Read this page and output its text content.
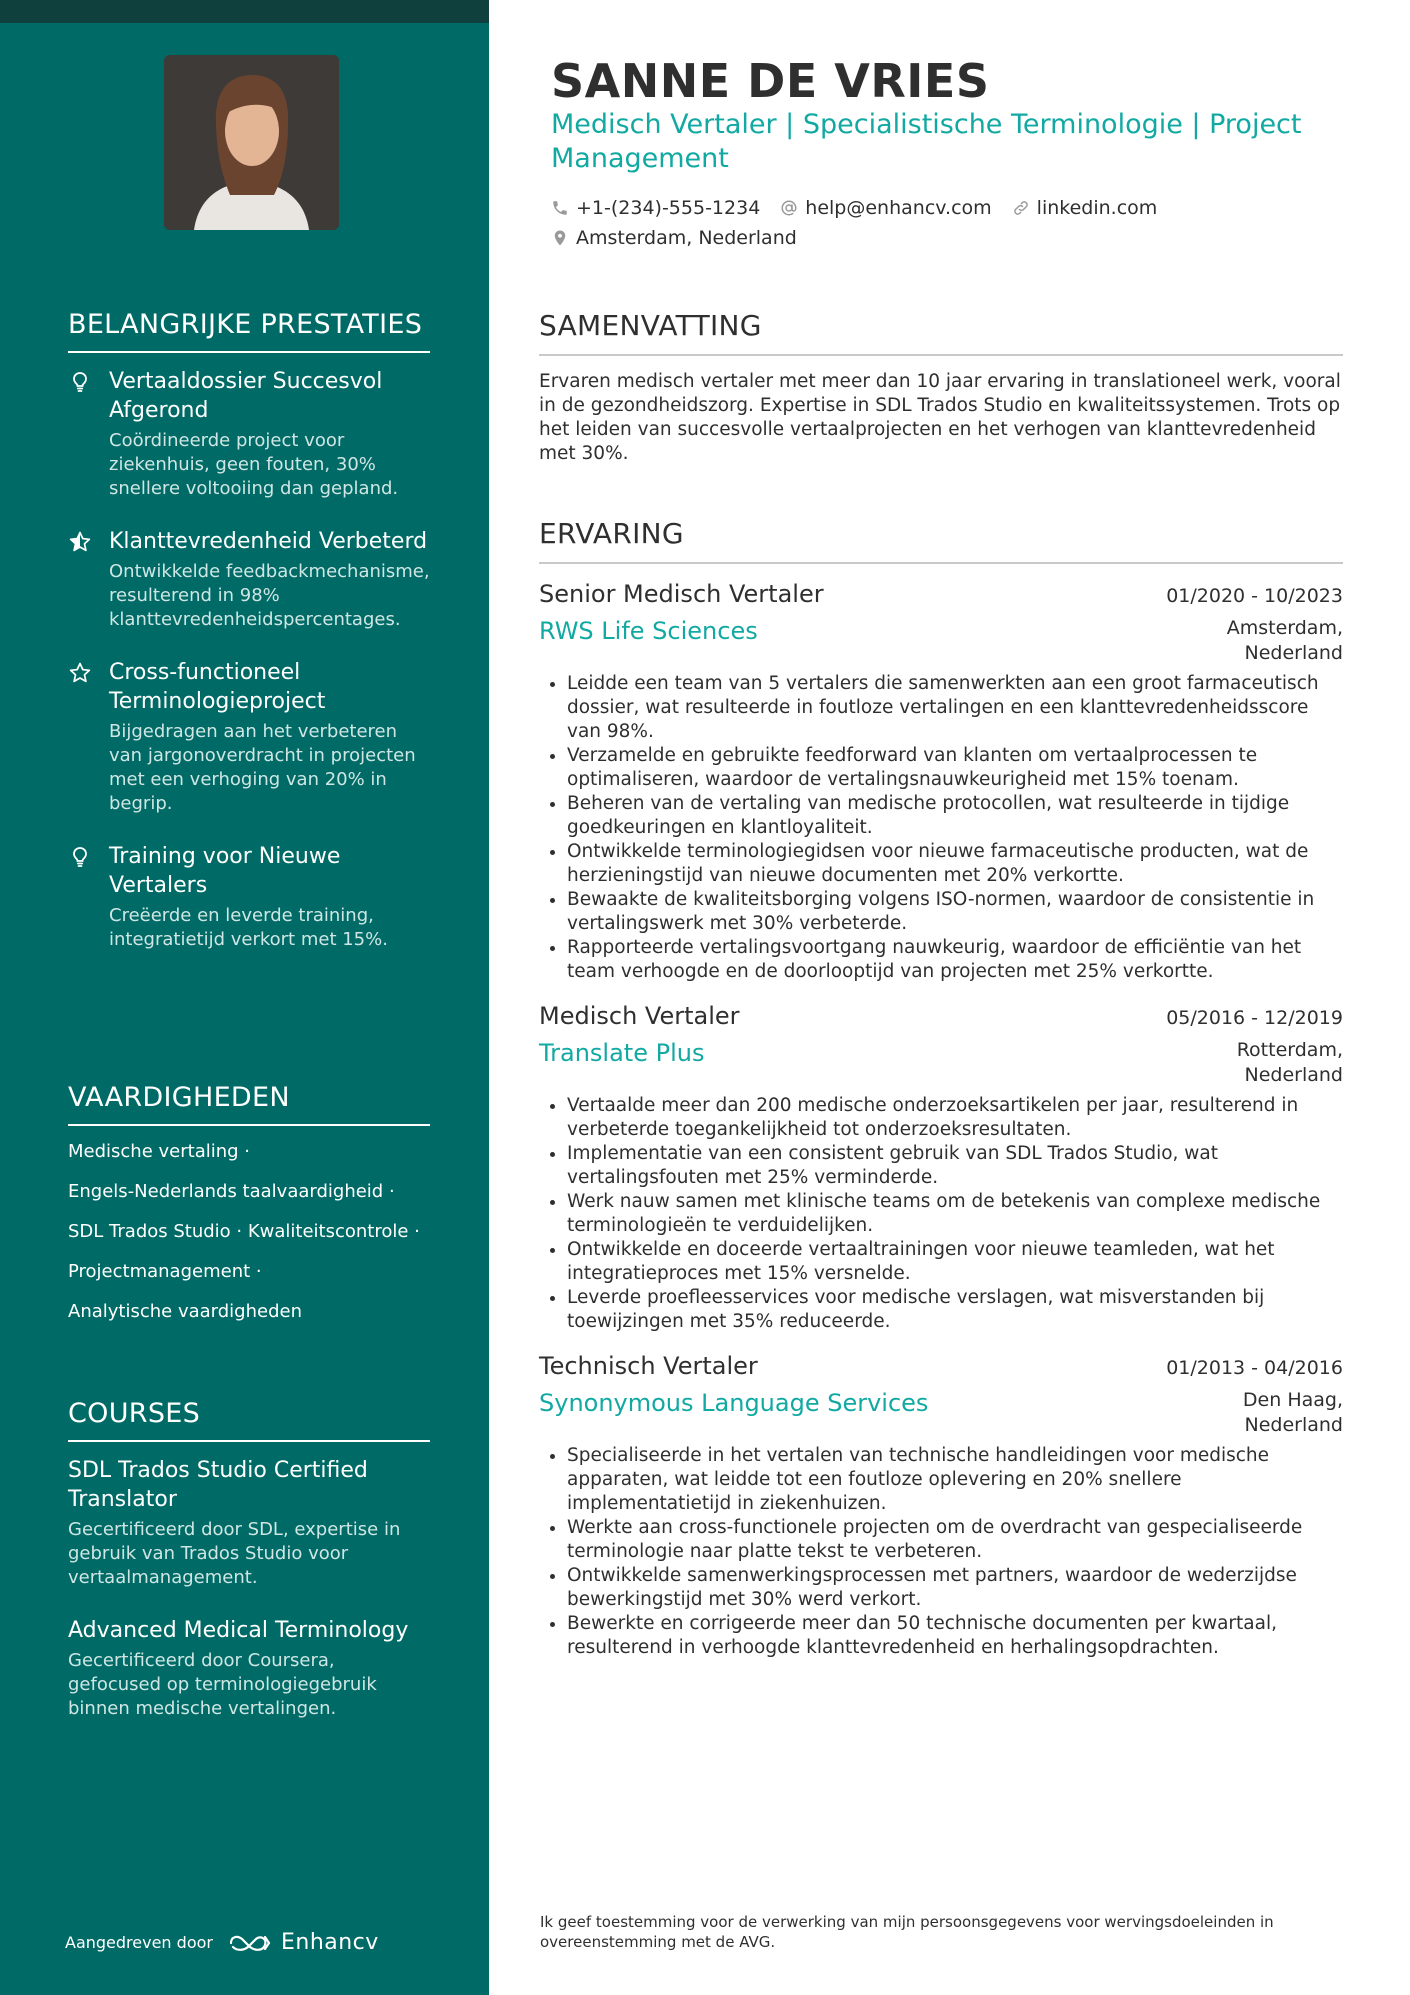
BELANGRIJKE PRESTATIES
Vertaaldossier Succesvol Afgerond
Coördineerde project voor ziekenhuis, geen fouten, 30% snellere voltooiing dan gepland.
Klanttevredenheid Verbeterd
Ontwikkelde feedbackmechanisme, resulterend in 98% klanttevredenheidspercentages.
Cross-functioneel Terminologieproject
Bijgedragen aan het verbeteren van jargonoverdracht in projecten met een verhoging van 20% in begrip.
Training voor Nieuwe Vertalers
Creëerde en leverde training, integratietijd verkort met 15%.
VAARDIGHEDEN
Medische vertaling ·
Engels-Nederlands taalvaardigheid ·
SDL Trados Studio · Kwaliteitscontrole ·
Projectmanagement ·
Analytische vaardigheden
COURSES
SDL Trados Studio Certified Translator
Gecertificeerd door SDL, expertise in gebruik van Trados Studio voor vertaalmanagement.
Advanced Medical Terminology
Gecertificeerd door Coursera, gefocused op terminologiegebruik binnen medische vertalingen.
Aangedreven door	Enhancv
SANNE DE VRIES
Medisch Vertaler | Specialistische Terminologie | Project Management
+1-(234)-555-1234 help@enhancv.com linkedin.com
Amsterdam, Nederland
SAMENVATTING
Ervaren medisch vertaler met meer dan 10 jaar ervaring in translationeel werk, vooral in de gezondheidszorg. Expertise in SDL Trados Studio en kwaliteitssystemen. Trots op het leiden van succesvolle vertaalprojecten en het verhogen van klanttevredenheid met 30%.
ERVARING
Senior Medisch Vertaler	01/2020 - 10/2023
RWS Life Sciences	Amsterdam,
Nederland
• Leidde een team van 5 vertalers die samenwerkten aan een groot farmaceutisch dossier, wat resulteerde in foutloze vertalingen en een klanttevredenheidsscore van 98%.
• Verzamelde en gebruikte feedforward van klanten om vertaalprocessen te optimaliseren, waardoor de vertalingsnauwkeurigheid met 15% toenam.
• Beheren van de vertaling van medische protocollen, wat resulteerde in tijdige goedkeuringen en klantloyaliteit.
• Ontwikkelde terminologiegidsen voor nieuwe farmaceutische producten, wat de herzieningstijd van nieuwe documenten met 20% verkortte.
• Bewaakte de kwaliteitsborging volgens ISO-normen, waardoor de consistentie in vertalingswerk met 30% verbeterde.
• Rapporteerde vertalingsvoortgang nauwkeurig, waardoor de efficiëntie van het team verhoogde en de doorlooptijd van projecten met 25% verkortte.
Medisch Vertaler	05/2016 - 12/2019
Translate Plus	Rotterdam,
Nederland
• Vertaalde meer dan 200 medische onderzoeksartikelen per jaar, resulterend in verbeterde toegankelijkheid tot onderzoeksresultaten.
• Implementatie van een consistent gebruik van SDL Trados Studio, wat vertalingsfouten met 25% verminderde.
• Werk nauw samen met klinische teams om de betekenis van complexe medische terminologieën te verduidelijken.
• Ontwikkelde en doceerde vertaaltrainingen voor nieuwe teamleden, wat het integratieproces met 15% versnelde.
• Leverde proefleesservices voor medische verslagen, wat misverstanden bij toewijzingen met 35% reduceerde.
Technisch Vertaler	01/2013 - 04/2016
Synonymous Language Services	Den Haag,
Nederland
• Specialiseerde in het vertalen van technische handleidingen voor medische apparaten, wat leidde tot een foutloze oplevering en 20% snellere implementatietijd in ziekenhuizen.
• Werkte aan cross-functionele projecten om de overdracht van gespecialiseerde terminologie naar platte tekst te verbeteren.
• Ontwikkelde samenwerkingsprocessen met partners, waardoor de wederzijdse bewerkingstijd met 30% werd verkort.
• Bewerkte en corrigeerde meer dan 50 technische documenten per kwartaal, resulterend in verhoogde klanttevredenheid en herhalingsopdrachten.
Ik geef toestemming voor de verwerking van mijn persoonsgegevens voor wervingsdoeleinden in overeenstemming met de AVG.
